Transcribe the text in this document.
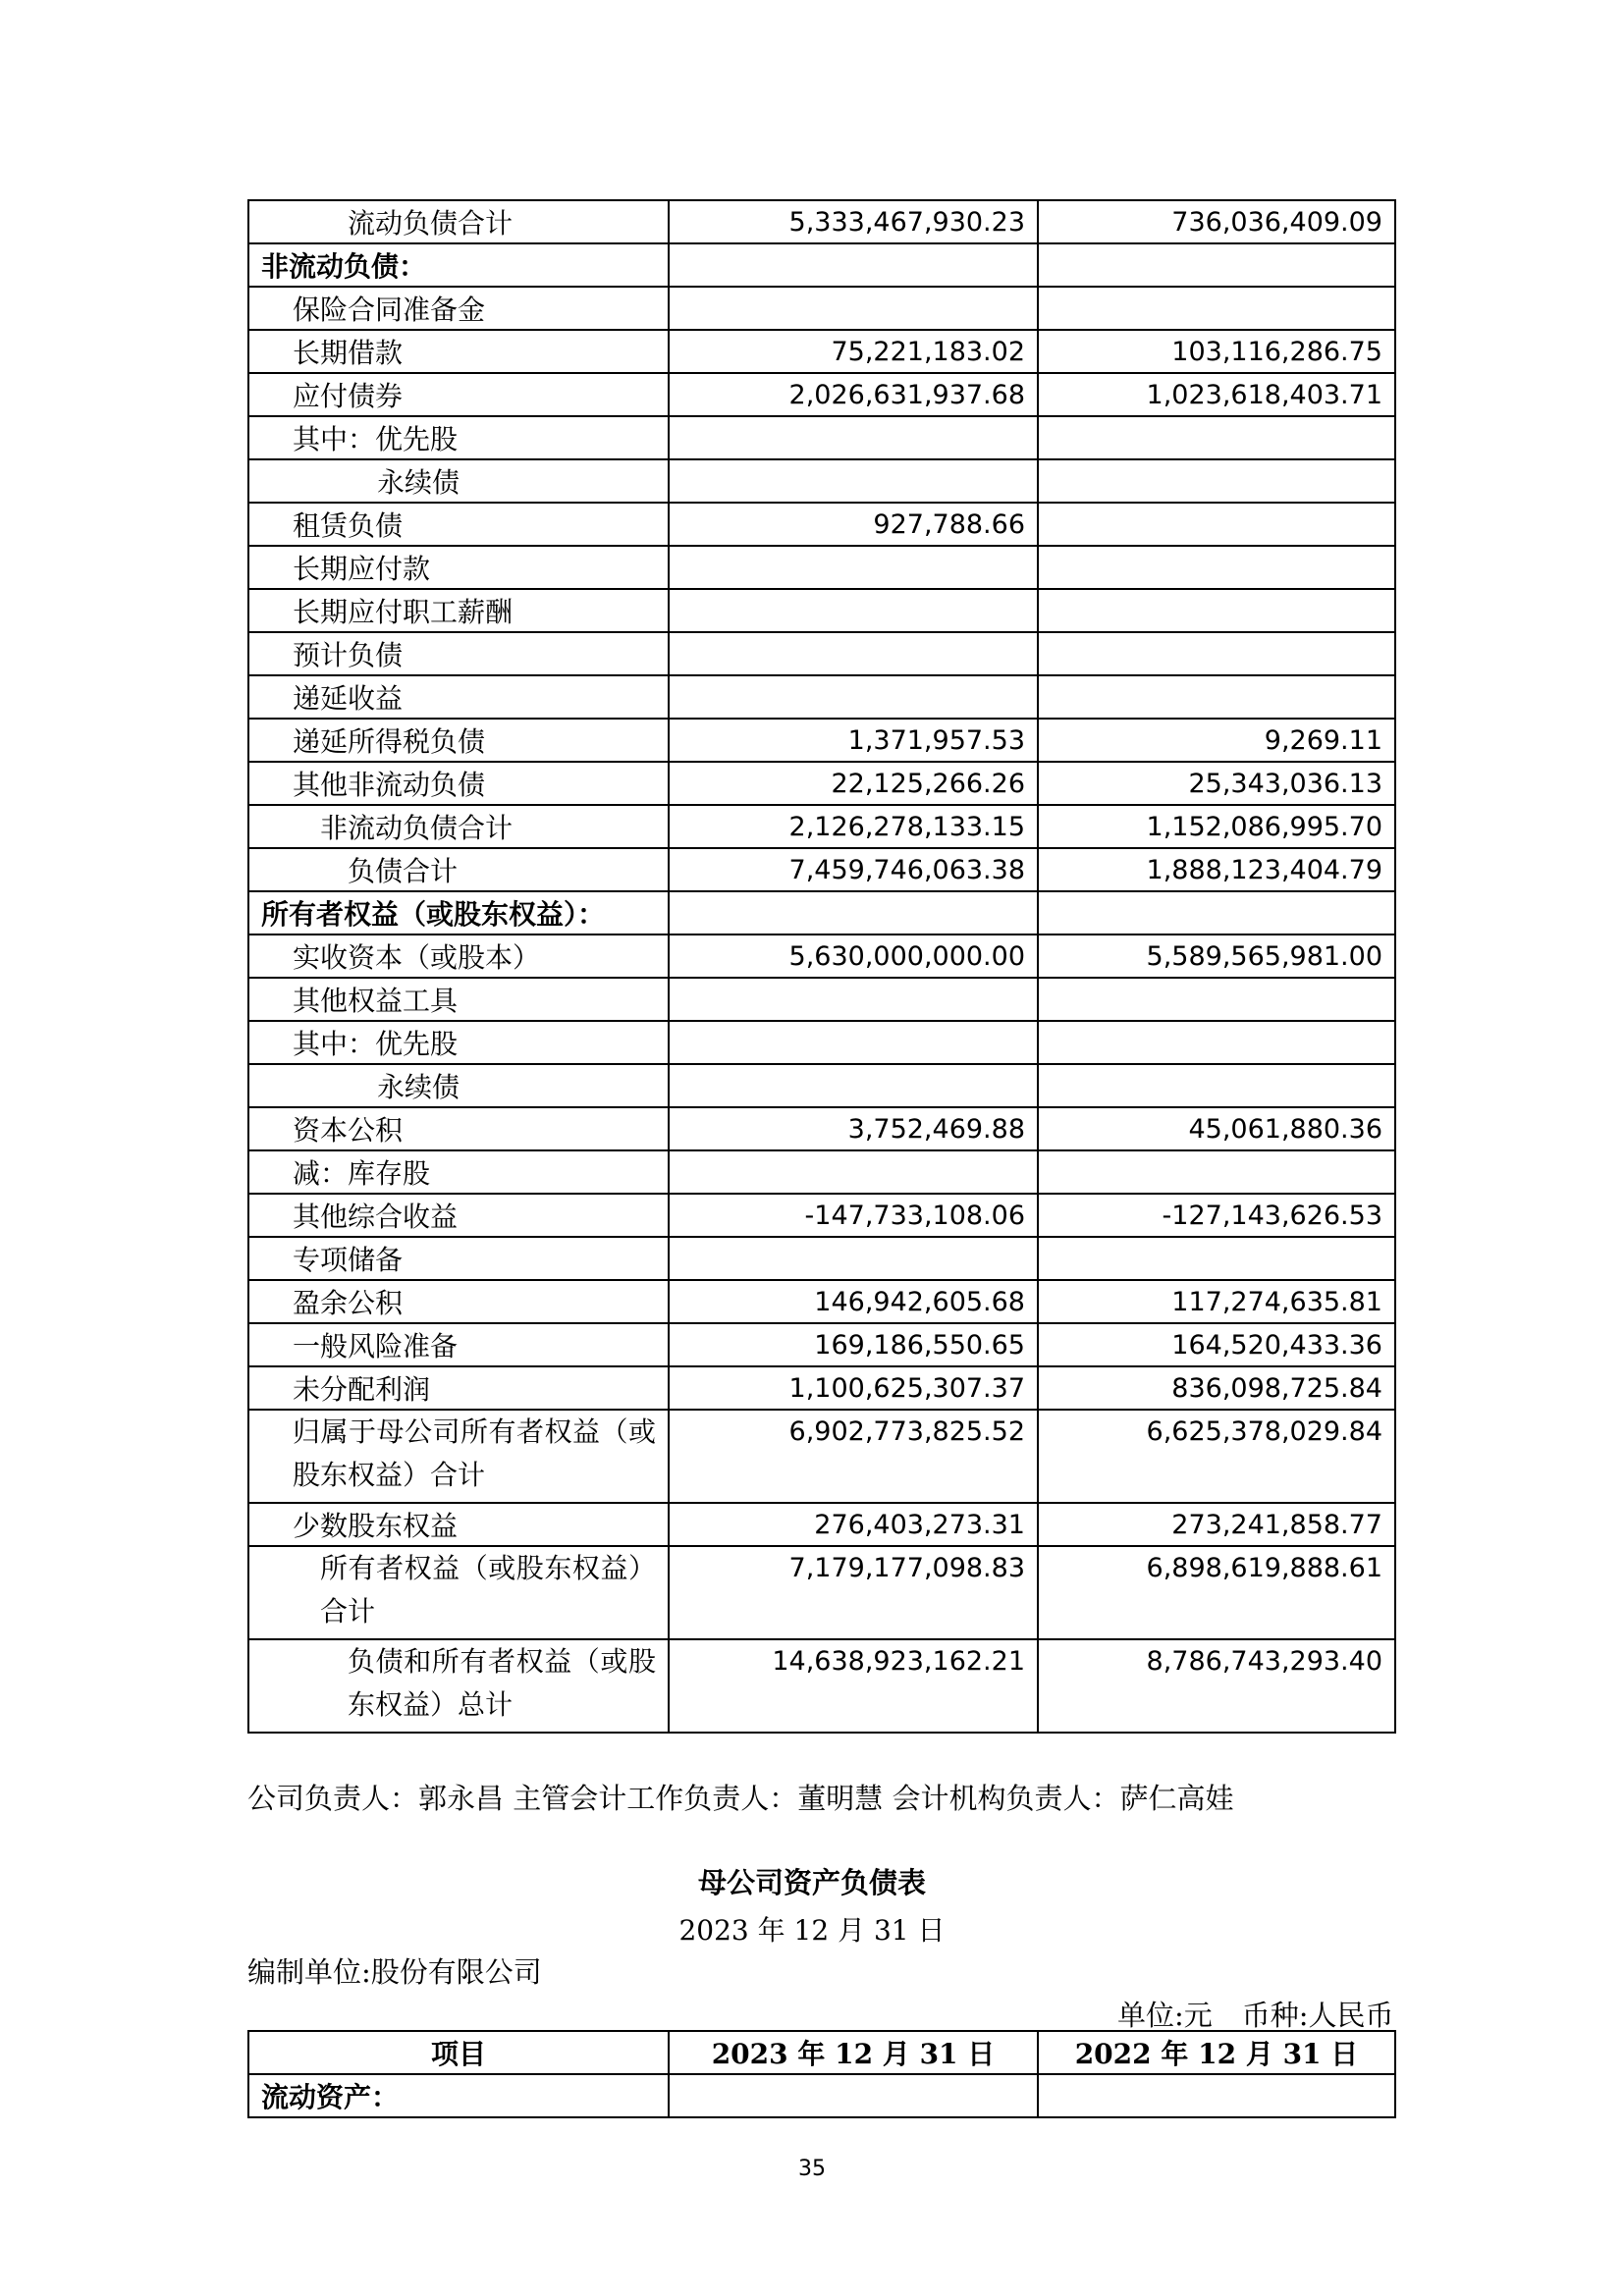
流动负债合计	5,333,467,930.23	736,036,409.09
非流动负债：		
保险合同准备金		
长期借款	75,221,183.02	103,116,286.75
应付债券	2,026,631,937.68	1,023,618,403.71
其中：优先股		
永续债		
租赁负债	927,788.66	
长期应付款		
长期应付职工薪酬		
预计负债		
递延收益		
递延所得税负债	1,371,957.53	9,269.11
其他非流动负债	22,125,266.26	25,343,036.13
非流动负债合计	2,126,278,133.15	1,152,086,995.70
负债合计	7,459,746,063.38	1,888,123,404.79
所有者权益（或股东权益）：		
实收资本（或股本）	5,630,000,000.00	5,589,565,981.00
其他权益工具		
其中：优先股		
永续债		
资本公积	3,752,469.88	45,061,880.36
减：库存股		
其他综合收益	-147,733,108.06	-127,143,626.53
专项储备		
盈余公积	146,942,605.68	117,274,635.81
一般风险准备	169,186,550.65	164,520,433.36
未分配利润	1,100,625,307.37	836,098,725.84
归属于母公司所有者权益（或股东权益）合计	6,902,773,825.52	6,625,378,029.84
少数股东权益	276,403,273.31	273,241,858.77
所有者权益（或股东权益）合计	7,179,177,098.83	6,898,619,888.61
负债和所有者权益（或股东权益）总计	14,638,923,162.21	8,786,743,293.40
公司负责人：郭永昌 主管会计工作负责人：董明慧 会计机构负责人：萨仁高娃
母公司资产负债表
2023 年 12 月 31 日
编制单位:股份有限公司
单位:元 币种:人民币
项目	2023 年 12 月 31 日	2022 年 12 月 31 日
流动资产：		
35
